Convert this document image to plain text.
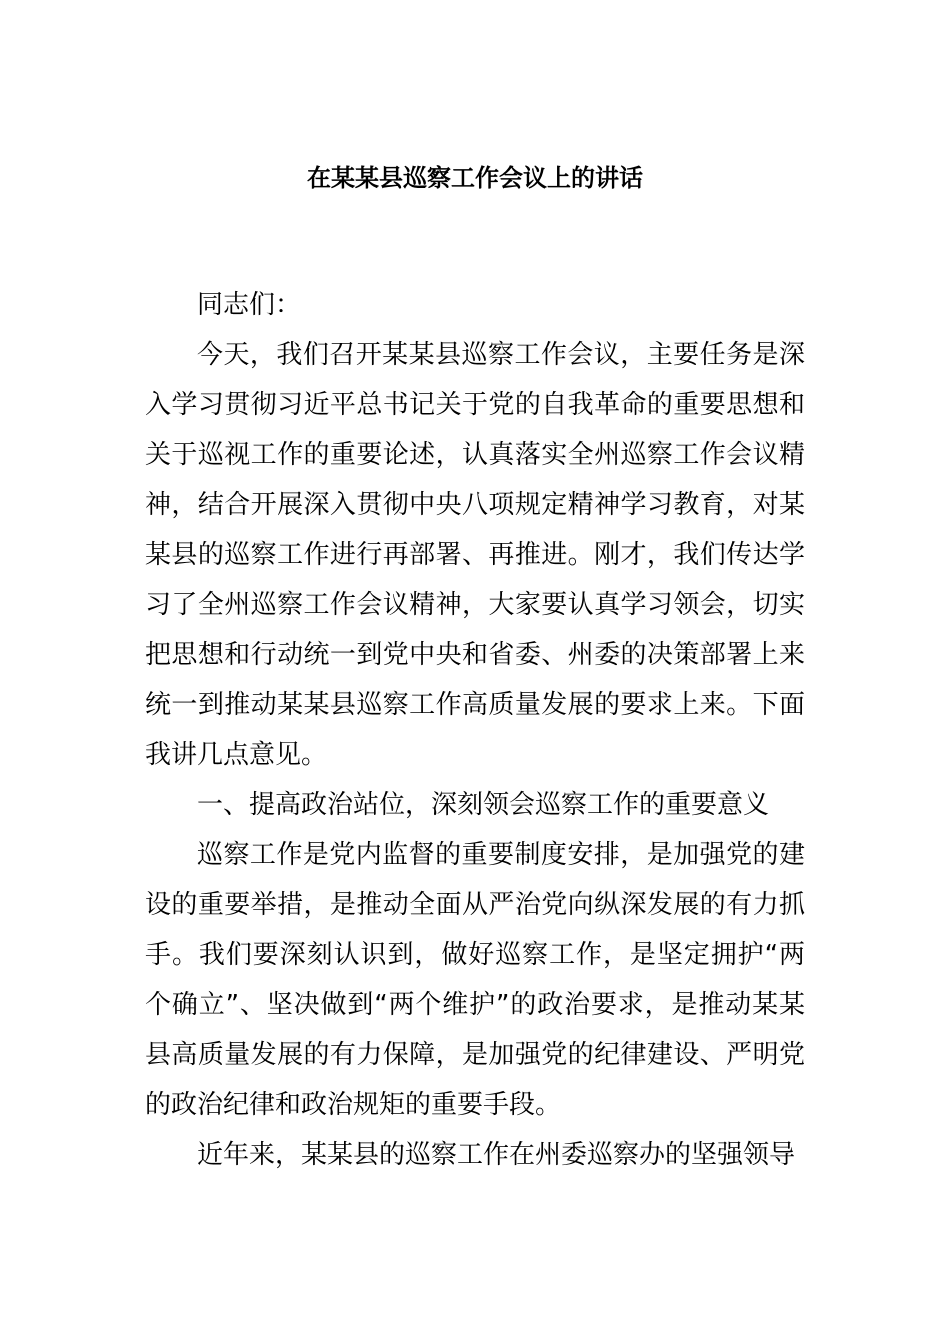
在某某县巡察工作会议上的讲话

同志们：

今天，我们召开某某县巡察工作会议，主要任务是深入学习贯彻习近平总书记关于党的自我革命的重要思想和关于巡视工作的重要论述，认真落实全州巡察工作会议精神，结合开展深入贯彻中央八项规定精神学习教育，对某某县的巡察工作进行再部署、再推进。刚才，我们传达学习了全州巡察工作会议精神，大家要认真学习领会，切实把思想和行动统一到党中央和省委、州委的决策部署上来统一到推动某某县巡察工作高质量发展的要求上来。下面我讲几点意见。

一、提高政治站位，深刻领会巡察工作的重要意义

巡察工作是党内监督的重要制度安排，是加强党的建设的重要举措，是推动全面从严治党向纵深发展的有力抓手。我们要深刻认识到，做好巡察工作，是坚定拥护“两个确立”、坚决做到“两个维护”的政治要求，是推动某某县高质量发展的有力保障，是加强党的纪律建设、严明党的政治纪律和政治规矩的重要手段。

近年来，某某县的巡察工作在州委巡察办的坚强领导
